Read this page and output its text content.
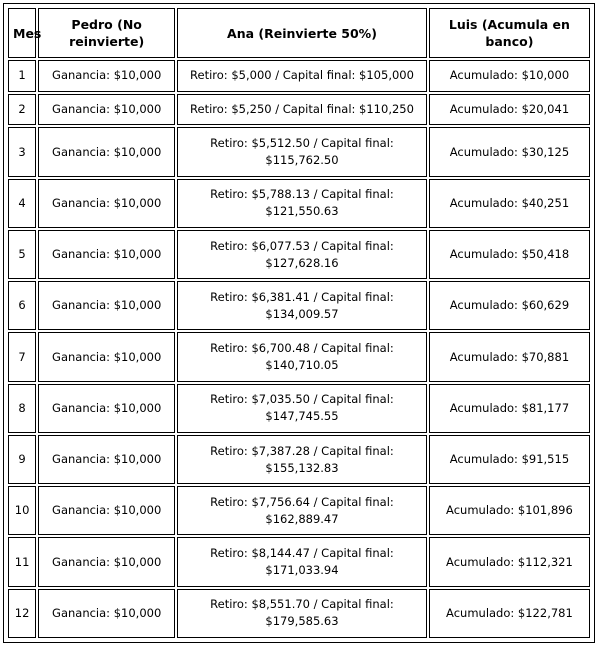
Mes	Pedro (No reinvierte)	Ana (Reinvierte 50%)	Luis (Acumula en banco)
1	Ganancia: $10,000	Retiro: $5,000 / Capital final: $105,000	Acumulado: $10,000
2	Ganancia: $10,000	Retiro: $5,250 / Capital final: $110,250	Acumulado: $20,041
3	Ganancia: $10,000	Retiro: $5,512.50 / Capital final: $115,762.50	Acumulado: $30,125
4	Ganancia: $10,000	Retiro: $5,788.13 / Capital final: $121,550.63	Acumulado: $40,251
5	Ganancia: $10,000	Retiro: $6,077.53 / Capital final: $127,628.16	Acumulado: $50,418
6	Ganancia: $10,000	Retiro: $6,381.41 / Capital final: $134,009.57	Acumulado: $60,629
7	Ganancia: $10,000	Retiro: $6,700.48 / Capital final: $140,710.05	Acumulado: $70,881
8	Ganancia: $10,000	Retiro: $7,035.50 / Capital final: $147,745.55	Acumulado: $81,177
9	Ganancia: $10,000	Retiro: $7,387.28 / Capital final: $155,132.83	Acumulado: $91,515
10	Ganancia: $10,000	Retiro: $7,756.64 / Capital final: $162,889.47	Acumulado: $101,896
11	Ganancia: $10,000	Retiro: $8,144.47 / Capital final: $171,033.94	Acumulado: $112,321
12	Ganancia: $10,000	Retiro: $8,551.70 / Capital final: $179,585.63	Acumulado: $122,781
